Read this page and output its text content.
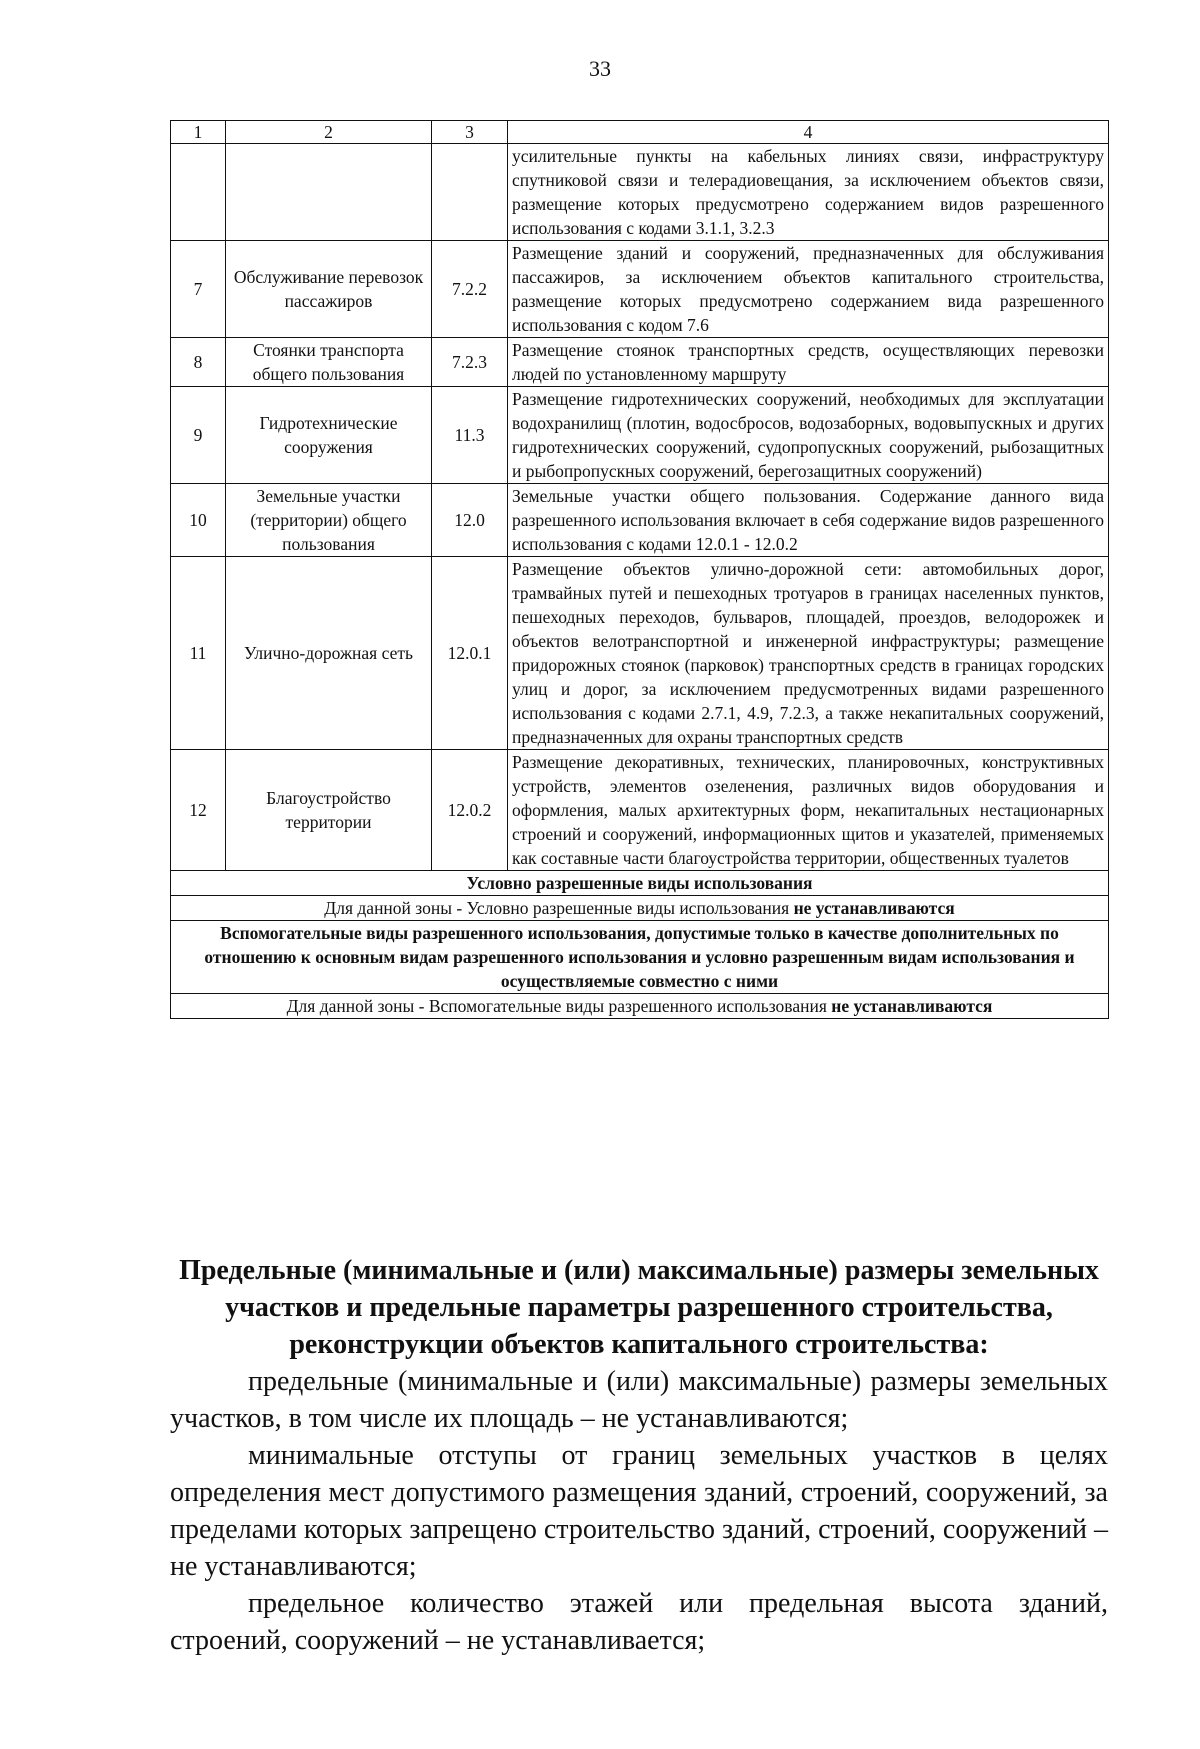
33
1	2	3	4
			усилительные пункты на кабельных линиях связи, инфраструктуру спутниковой связи и телерадиовещания, за исключением объектов связи, размещение которых предусмотрено содержанием видов разрешенного использования с кодами 3.1.1, 3.2.3
7	Обслуживание перевозок пассажиров	7.2.2	Размещение зданий и сооружений, предназначенных для обслуживания пассажиров, за исключением объектов капитального строительства, размещение которых предусмотрено содержанием вида разрешенного использования с кодом 7.6
8	Стоянки транспорта общего пользования	7.2.3	Размещение стоянок транспортных средств, осуществляющих перевозки людей по установленному маршруту
9	Гидротехнические сооружения	11.3	Размещение гидротехнических сооружений, необходимых для эксплуатации водохранилищ (плотин, водосбросов, водозаборных, водовыпускных и других гидротехнических сооружений, судопропускных сооружений, рыбозащитных и рыбопропускных сооружений, берегозащитных сооружений)
10	Земельные участки (территории) общего пользования	12.0	Земельные участки общего пользования. Содержание данного вида разрешенного использования включает в себя содержание видов разрешенного использования с кодами 12.0.1 - 12.0.2
11	Улично-дорожная сеть	12.0.1	Размещение объектов улично-дорожной сети: автомобильных дорог, трамвайных путей и пешеходных тротуаров в границах населенных пунктов, пешеходных переходов, бульваров, площадей, проездов, велодорожек и объектов велотранспортной и инженерной инфраструктуры; размещение придорожных стоянок (парковок) транспортных средств в границах городских улиц и дорог, за исключением предусмотренных видами разрешенного использования с кодами 2.7.1, 4.9, 7.2.3, а также некапитальных сооружений, предназначенных для охраны транспортных средств
12	Благоустройство территории	12.0.2	Размещение декоративных, технических, планировочных, конструктивных устройств, элементов озеленения, различных видов оборудования и оформления, малых архитектурных форм, некапитальных нестационарных строений и сооружений, информационных щитов и указателей, применяемых как составные части благоустройства территории, общественных туалетов
Условно разрешенные виды использования			
Для данной зоны - Условно разрешенные виды использования не устанавливаются			
Вспомогательные виды разрешенного использования, допустимые только в качестве дополнительных по отношению к основным видам разрешенного использования и условно разрешенным видам использования и осуществляемые совместно с ними			
Для данной зоны - Вспомогательные виды разрешенного использования не устанавливаются			

Предельные (минимальные и (или) максимальные) размеры земельных участков и предельные параметры разрешенного строительства, реконструкции объектов капитального строительства:

предельные (минимальные и (или) максимальные) размеры земельных участков, в том числе их площадь – не устанавливаются;

минимальные отступы от границ земельных участков в целях определения мест допустимого размещения зданий, строений, сооружений, за пределами которых запрещено строительство зданий, строений, сооружений – не устанавливаются;

предельное количество этажей или предельная высота зданий, строений, сооружений – не устанавливается;
